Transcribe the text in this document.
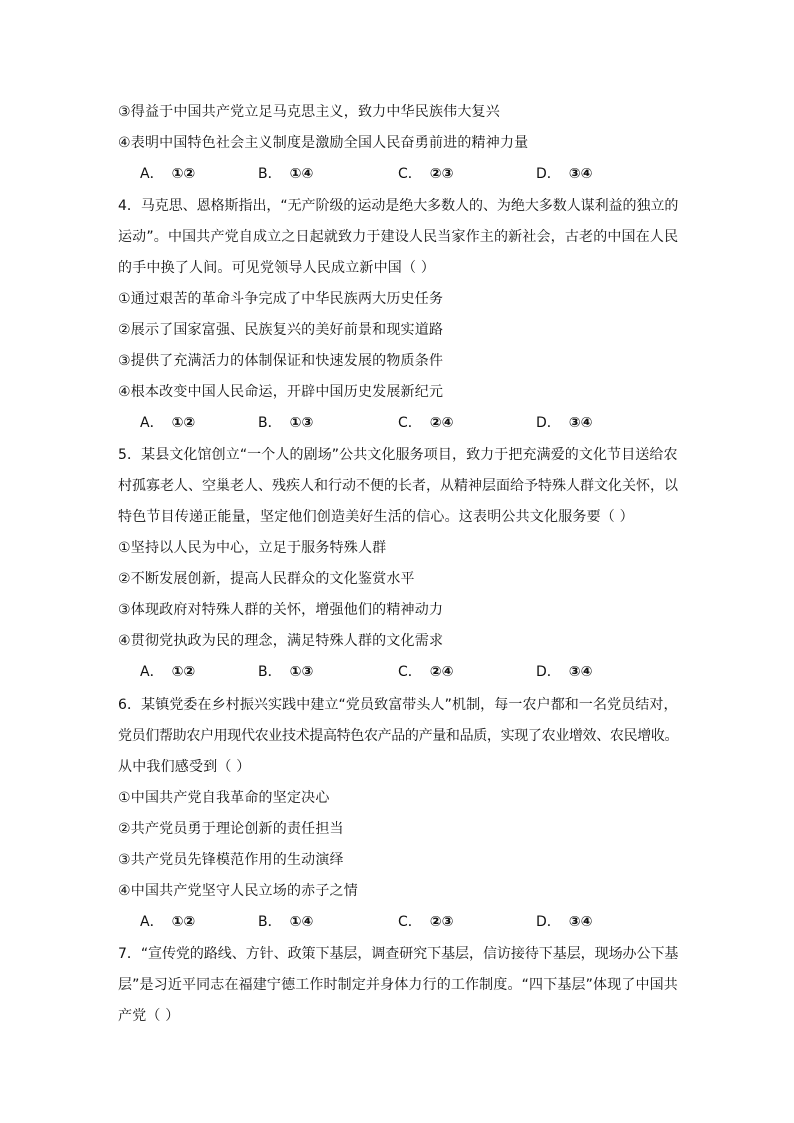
③得益于中国共产党立足马克思主义，致力中华民族伟大复兴
④表明中国特色社会主义制度是激励全国人民奋勇前进的精神力量
A． ①②	B． ①④	C． ②③	D． ③④
4．马克思、恩格斯指出，“无产阶级的运动是绝大多数人的、为绝大多数人谋利益的独立的
运动”。中国共产党自成立之日起就致力于建设人民当家作主的新社会，古老的中国在人民
的手中换了人间。可见党领导人民成立新中国（ ）
①通过艰苦的革命斗争完成了中华民族两大历史任务
②展示了国家富强、民族复兴的美好前景和现实道路
③提供了充满活力的体制保证和快速发展的物质条件
④根本改变中国人民命运，开辟中国历史发展新纪元
A． ①②	B． ①③	C． ②④	D． ③④
5．某县文化馆创立“一个人的剧场”公共文化服务项目，致力于把充满爱的文化节目送给农
村孤寡老人、空巢老人、残疾人和行动不便的长者，从精神层面给予特殊人群文化关怀，以
特色节目传递正能量，坚定他们创造美好生活的信心。这表明公共文化服务要（ ）
①坚持以人民为中心，立足于服务特殊人群
②不断发展创新，提高人民群众的文化鉴赏水平
③体现政府对特殊人群的关怀，增强他们的精神动力
④贯彻党执政为民的理念，满足特殊人群的文化需求
A． ①②	B． ①③	C． ②④	D． ③④
6．某镇党委在乡村振兴实践中建立“党员致富带头人”机制，每一农户都和一名党员结对，
党员们帮助农户用现代农业技术提高特色农产品的产量和品质，实现了农业增效、农民增收。
从中我们感受到（ ）
①中国共产党自我革命的坚定决心
②共产党员勇于理论创新的责任担当
③共产党员先锋模范作用的生动演绎
④中国共产党坚守人民立场的赤子之情
A． ①②	B． ①④	C． ②③	D． ③④
7．“宣传党的路线、方针、政策下基层，调查研究下基层，信访接待下基层，现场办公下基
层”是习近平同志在福建宁德工作时制定并身体力行的工作制度。“四下基层”体现了中国共
产党（ ）
